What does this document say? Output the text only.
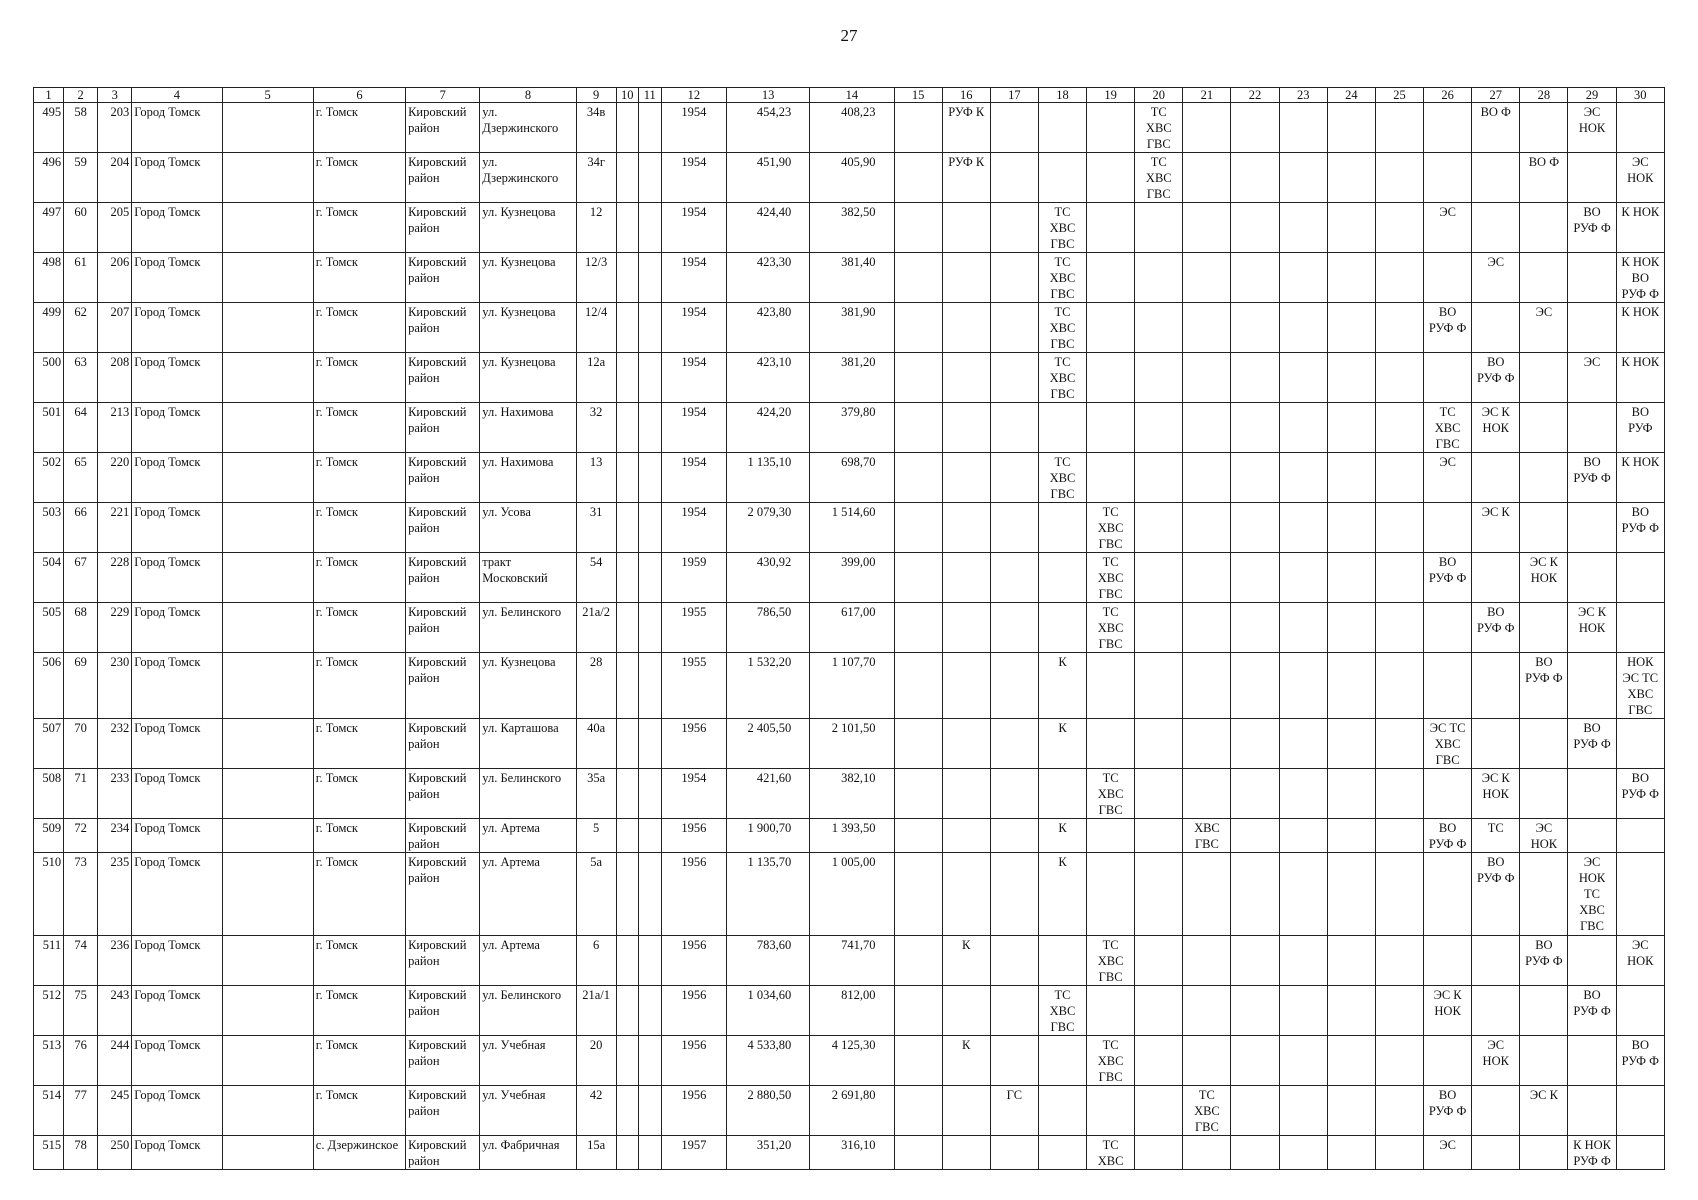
27
1	2	3	4	5	6	7	8	9	10	11	12	13	14	15	16	17	18	19	20	21	22	23	24	25	26	27	28	29	30
495	58	203	Город Томск		г. Томск	Кировский район	ул. Дзержинского	34в			1954	454,23	408,23		РУФ К				ТС
ХВС
ГВС							ВО Ф		ЭС
НОК	
496	59	204	Город Томск		г. Томск	Кировский район	ул. Дзержинского	34г			1954	451,90	405,90		РУФ К				ТС
ХВС
ГВС								ВО Ф		ЭС
НОК
497	60	205	Город Томск		г. Томск	Кировский район	ул. Кузнецова	12			1954	424,40	382,50				ТС
ХВС
ГВС								ЭС			ВО
РУФ Ф	К НОК
498	61	206	Город Томск		г. Томск	Кировский район	ул. Кузнецова	12/3			1954	423,30	381,40				ТС
ХВС
ГВС									ЭС			К НОК
ВО
РУФ Ф
499	62	207	Город Томск		г. Томск	Кировский район	ул. Кузнецова	12/4			1954	423,80	381,90				ТС
ХВС
ГВС								ВО
РУФ Ф		ЭС		К НОК
500	63	208	Город Томск		г. Томск	Кировский район	ул. Кузнецова	12а			1954	423,10	381,20				ТС
ХВС
ГВС									ВО
РУФ Ф		ЭС	К НОК
501	64	213	Город Томск		г. Томск	Кировский район	ул. Нахимова	32			1954	424,20	379,80												ТС
ХВС
ГВС	ЭС К
НОК			ВО
РУФ
502	65	220	Город Томск		г. Томск	Кировский район	ул. Нахимова	13			1954	1 135,10	698,70				ТС
ХВС
ГВС								ЭС			ВО
РУФ Ф	К НОК
503	66	221	Город Томск		г. Томск	Кировский район	ул. Усова	31			1954	2 079,30	1 514,60					ТС
ХВС
ГВС								ЭС К			ВО
РУФ Ф
504	67	228	Город Томск		г. Томск	Кировский район	тракт Московский	54			1959	430,92	399,00					ТС
ХВС
ГВС							ВО
РУФ Ф		ЭС К
НОК		
505	68	229	Город Томск		г. Томск	Кировский район	ул. Белинского	21а/2			1955	786,50	617,00					ТС
ХВС
ГВС								ВО
РУФ Ф		ЭС К
НОК	
506	69	230	Город Томск		г. Томск	Кировский район	ул. Кузнецова	28			1955	1 532,20	1 107,70				К										ВО
РУФ Ф		НОК
ЭС ТС
ХВС
ГВС
507	70	232	Город Томск		г. Томск	Кировский район	ул. Карташова	40а			1956	2 405,50	2 101,50				К								ЭС ТС
ХВС
ГВС			ВО
РУФ Ф	
508	71	233	Город Томск		г. Томск	Кировский район	ул. Белинского	35а			1954	421,60	382,10					ТС
ХВС
ГВС								ЭС К
НОК			ВО
РУФ Ф
509	72	234	Город Томск		г. Томск	Кировский район	ул. Артема	5			1956	1 900,70	1 393,50				К			ХВС
ГВС					ВО
РУФ Ф	ТС	ЭС
НОК		
510	73	235	Город Томск		г. Томск	Кировский район	ул. Артема	5а			1956	1 135,70	1 005,00				К									ВО
РУФ Ф		ЭС
НОК
ТС
ХВС
ГВС	
511	74	236	Город Томск		г. Томск	Кировский район	ул. Артема	6			1956	783,60	741,70		К			ТС
ХВС
ГВС									ВО
РУФ Ф		ЭС
НОК
512	75	243	Город Томск		г. Томск	Кировский район	ул. Белинского	21а/1			1956	1 034,60	812,00				ТС
ХВС
ГВС								ЭС К
НОК			ВО
РУФ Ф	
513	76	244	Город Томск		г. Томск	Кировский район	ул. Учебная	20			1956	4 533,80	4 125,30		К			ТС
ХВС
ГВС								ЭС
НОК			ВО
РУФ Ф
514	77	245	Город Томск		г. Томск	Кировский район	ул. Учебная	42			1956	2 880,50	2 691,80			ГС				ТС
ХВС
ГВС					ВО
РУФ Ф		ЭС К		
515	78	250	Город Томск		с. Дзержинское	Кировский район	ул. Фабричная	15а			1957	351,20	316,10					ТС
ХВС							ЭС			К НОК
РУФ Ф	
